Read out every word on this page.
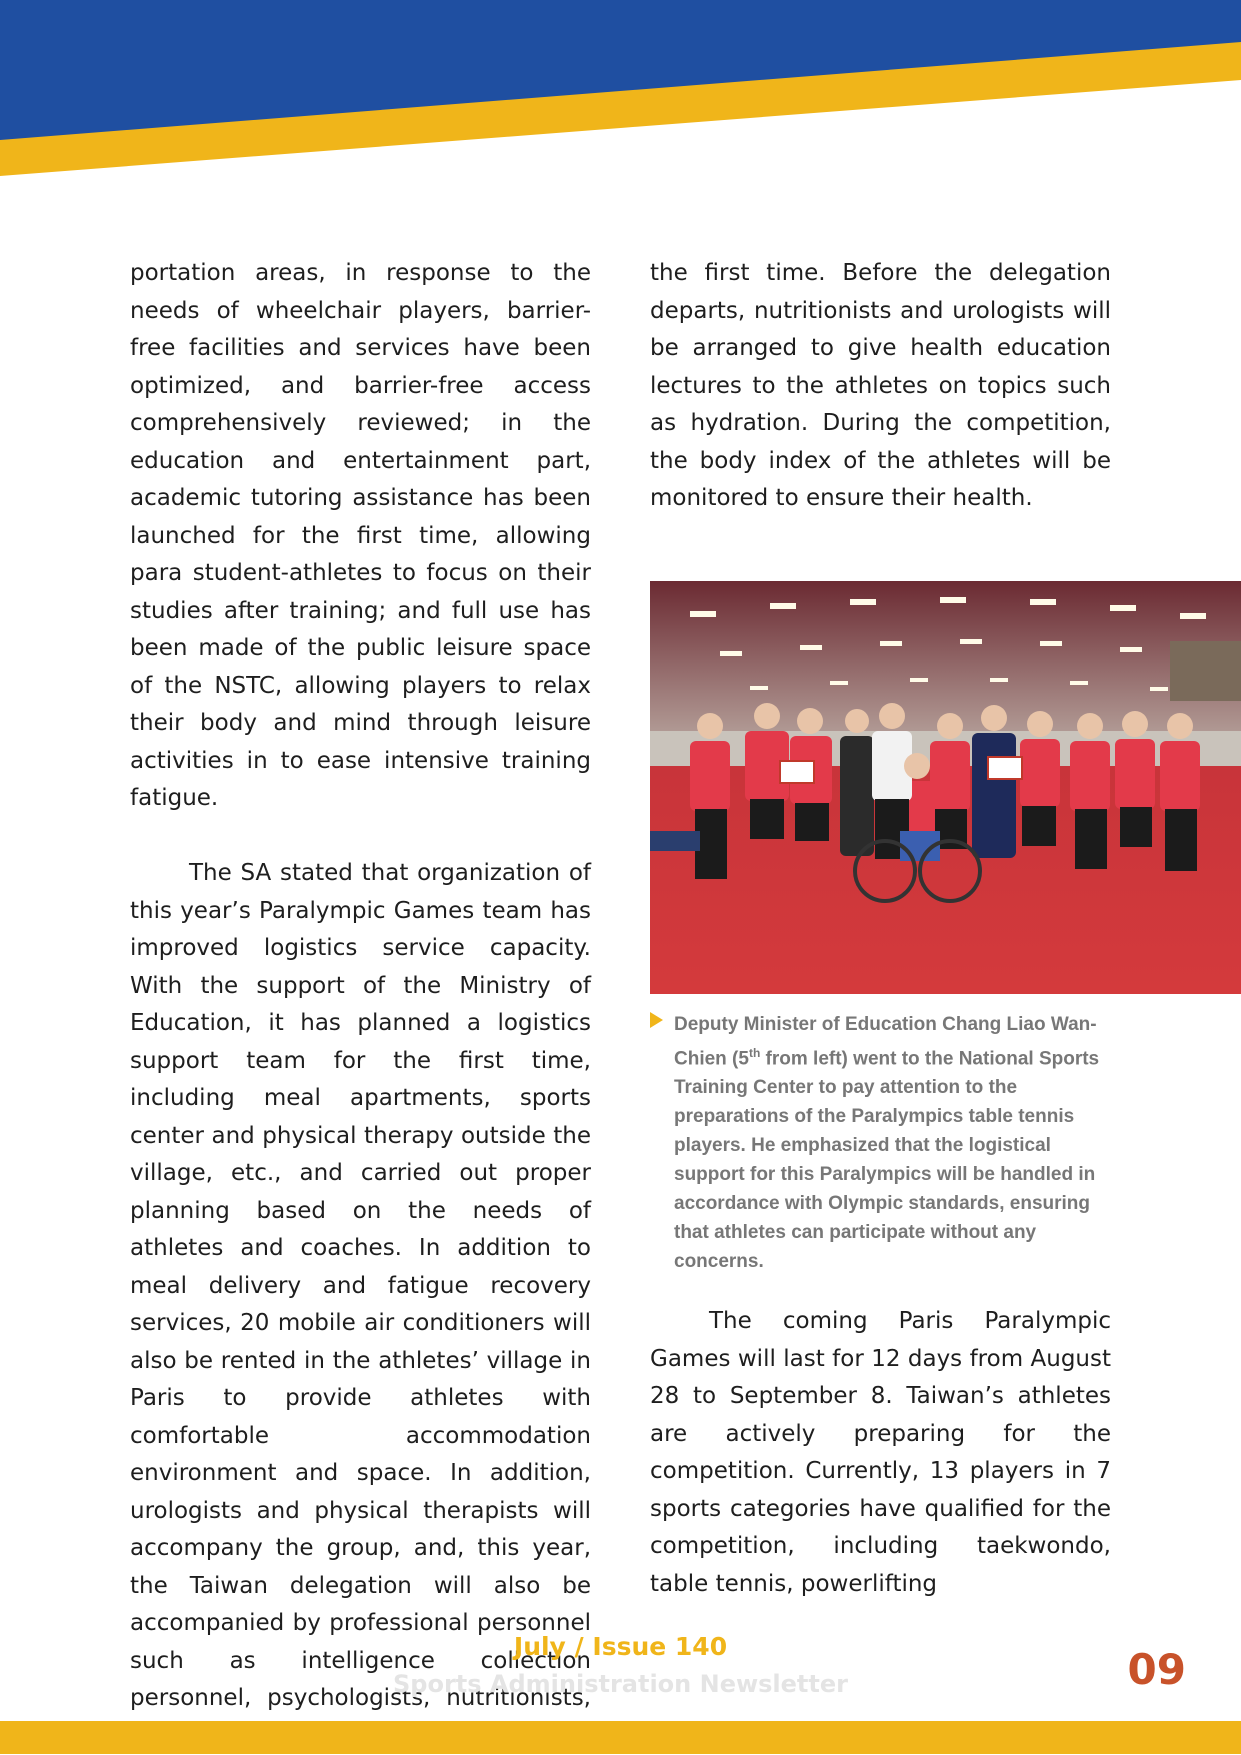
portation areas, in response to the needs of wheelchair players, barrier-free facilities and services have been optimized, and barrier-free access comprehensively reviewed; in the education and entertainment part, academic tutoring assistance has been launched for the first time, allowing para student-athletes to focus on their studies after training; and full use has been made of the public leisure space of the NSTC, allowing players to relax their body and mind through leisure activities in to ease intensive training fatigue.

The SA stated that organization of this year’s Paralympic Games team has improved logistics service capacity. With the support of the Ministry of Education, it has planned a logistics support team for the first time, including meal apartments, sports center and physical therapy outside the village, etc., and carried out proper planning based on the needs of athletes and coaches. In addition to meal delivery and fatigue recovery services, 20 mobile air conditioners will also be rented in the athletes’ village in Paris to provide athletes with comfortable accommodation environment and space. In addition, urologists and physical therapists will accompany the group, and, this year, the Taiwan delegation will also be accompanied by professional personnel such as intelligence collection personnel, psychologists, nutritionists,

the first time. Before the delegation departs, nutritionists and urologists will be arranged to give health education lectures to the athletes on topics such as hydration. During the competition, the body index of the athletes will be monitored to ensure their health.

Deputy Minister of Education Chang Liao Wan-Chien (5th from left) went to the National Sports Training Center to pay attention to the preparations of the Paralympics table tennis players. He emphasized that the logistical support for this Paralympics will be handled in accordance with Olympic standards, ensuring that athletes can participate without any concerns.

The coming Paris Paralympic Games will last for 12 days from August 28 to September 8. Taiwan’s athletes are actively preparing for the competition. Currently, 13 players in 7 sports categories have qualified for the competition, including taekwondo, table tennis, powerlifting

July / Issue 140
Sports Administration Newsletter	09
